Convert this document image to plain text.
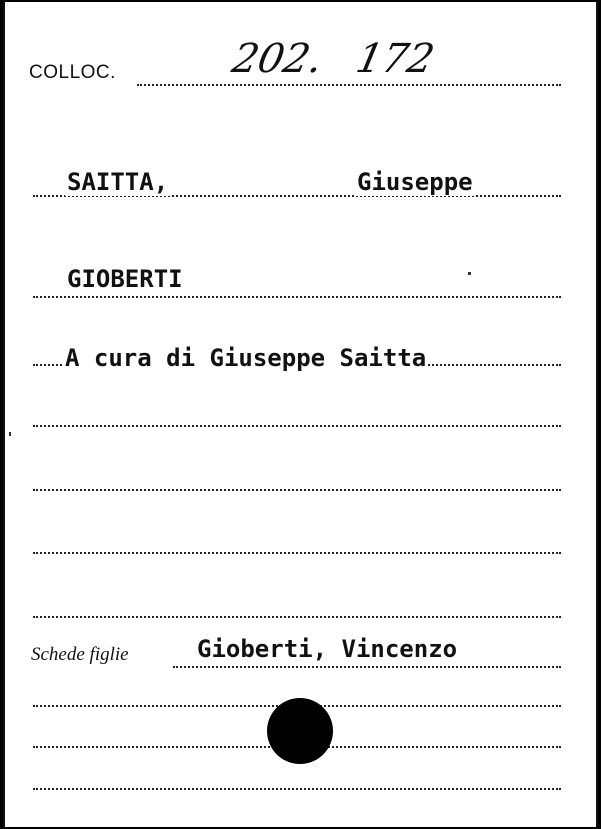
COLLOC.	202. 172
SAITTA,	Giuseppe
GIOBERTI
A cura di Giuseppe Saitta
Schede figlie	Gioberti, Vincenzo
